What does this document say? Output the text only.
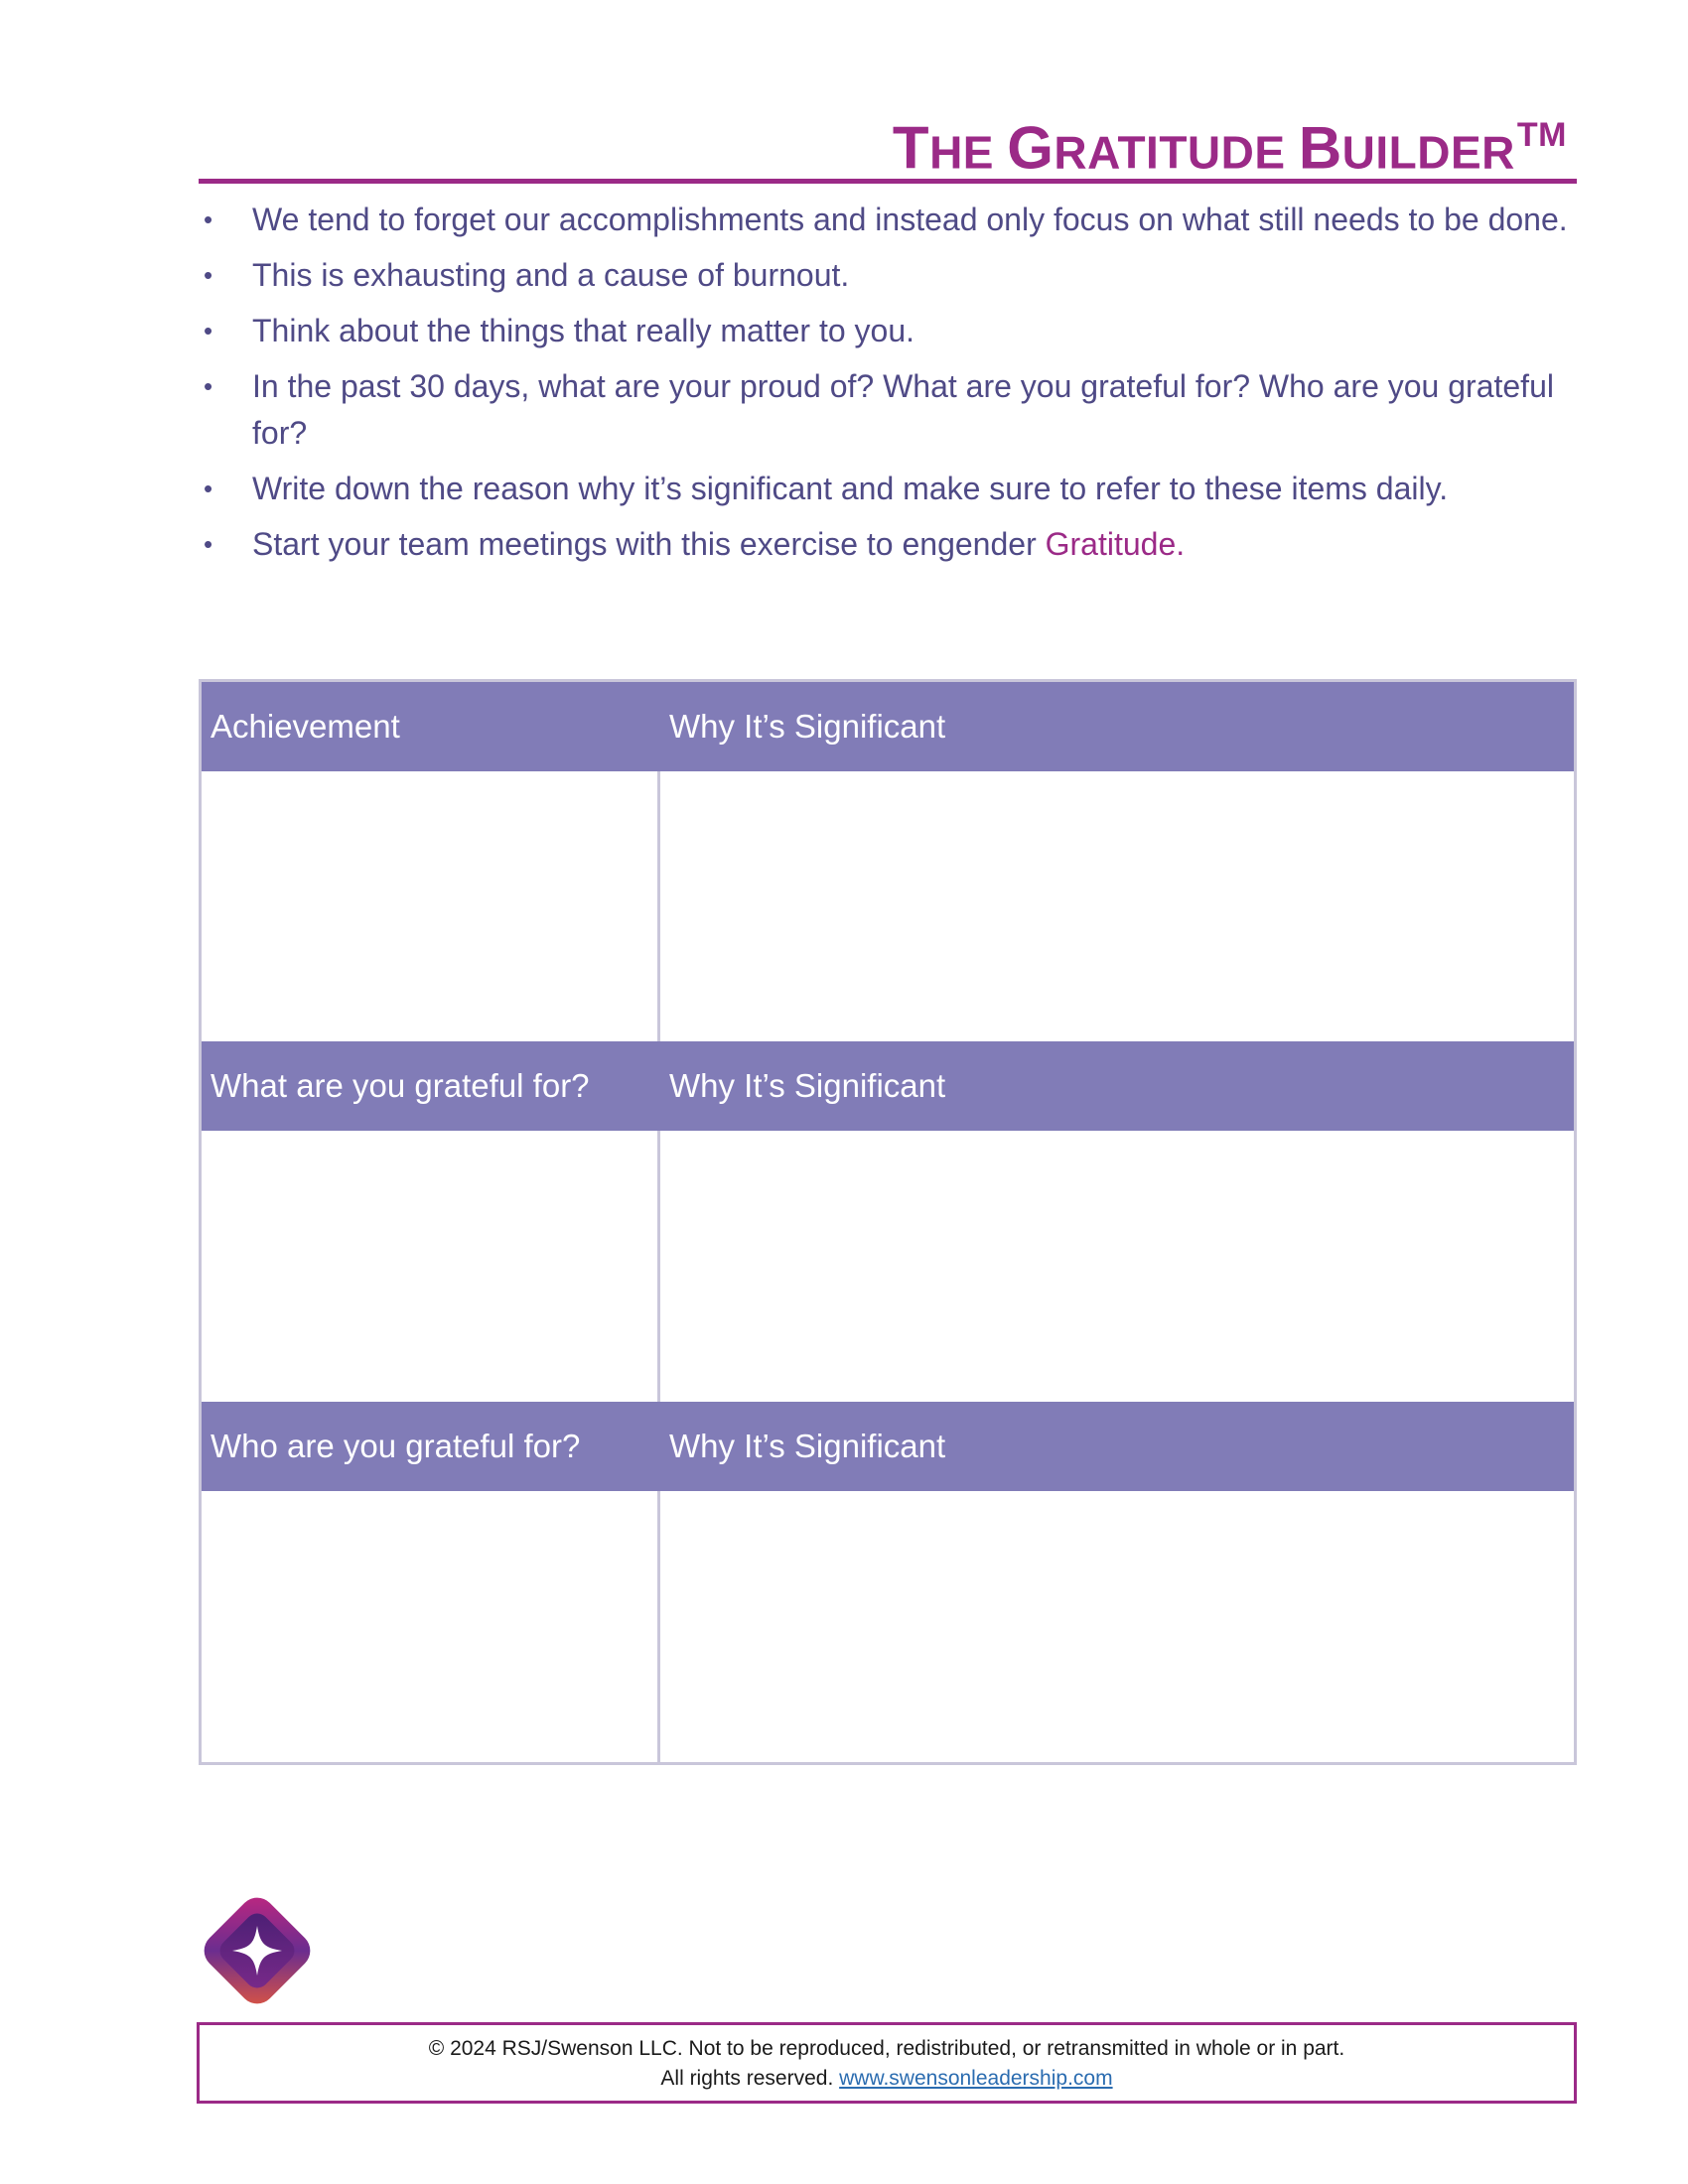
THE GRATITUDE BUILDER™
• We tend to forget our accomplishments and instead only focus on what still needs to be done.
• This is exhausting and a cause of burnout.
• Think about the things that really matter to you.
• In the past 30 days, what are your proud of? What are you grateful for? Who are you grateful for?
• Write down the reason why it’s significant and make sure to refer to these items daily.
• Start your team meetings with this exercise to engender Gratitude.
Achievement	Why It’s Significant
What are you grateful for?	Why It’s Significant
Who are you grateful for?	Why It’s Significant
© 2024 RSJ/Swenson LLC. Not to be reproduced, redistributed, or retransmitted in whole or in part.
All rights reserved. www.swensonleadership.com
